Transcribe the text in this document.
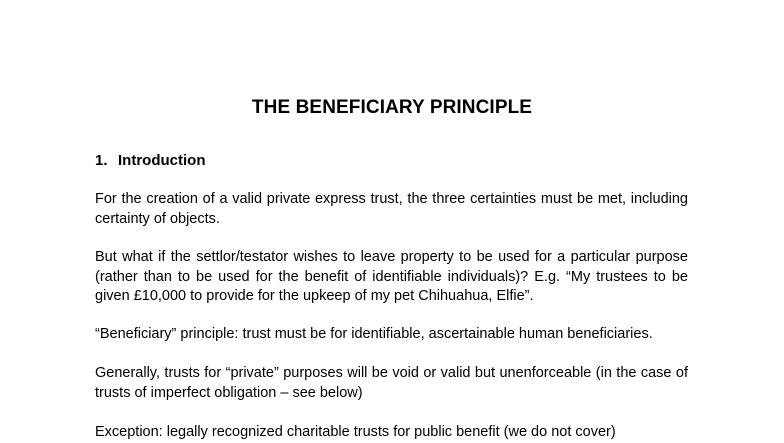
THE BENEFICIARY PRINCIPLE
1. Introduction

For the creation of a valid private express trust, the three certainties must be met, including certainty of objects.

But what if the settlor/testator wishes to leave property to be used for a particular purpose (rather than to be used for the benefit of identifiable individuals)? E.g. “My trustees to be given £10,000 to provide for the upkeep of my pet Chihuahua, Elfie”.

“Beneficiary” principle: trust must be for identifiable, ascertainable human beneficiaries.

Generally, trusts for “private” purposes will be void or valid but unenforceable (in the case of trusts of imperfect obligation – see below)

Exception: legally recognized charitable trusts for public benefit (we do not cover)
